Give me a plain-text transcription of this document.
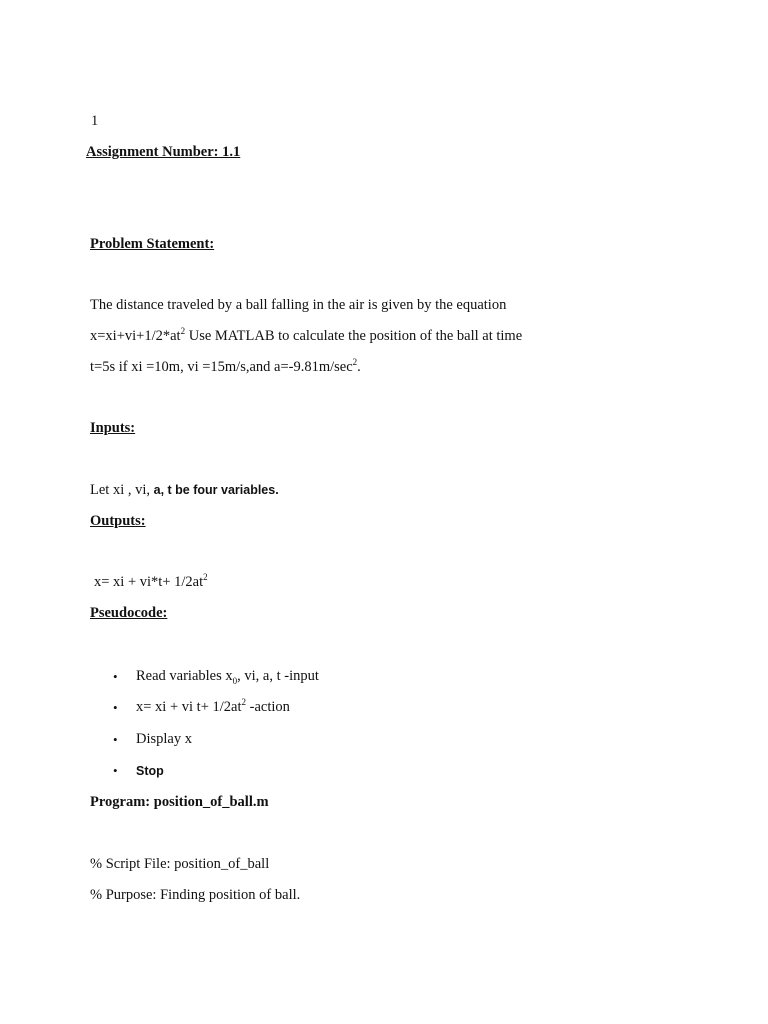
1
Assignment Number: 1.1
Problem Statement:
The distance traveled by a ball falling in the air is given by the equation
$x=xi+vi+1/2*at^2$ Use MATLAB to calculate the position of the ball at time
t=5s if xi =10m, vi =15m/s,and $a=-9.81m/\sec^2$.
Inputs:
Let xi , vi, a, t be four variables.
Outputs:
x= xi + $vi*t+ 1/2at^2$
Pseudocode:
• Read variables $x_0$, vi, a, t -input
• x= xi + vi $t+ 1/2at^2$ -action
• Display x
• Stop
Program: position_of_ball.m
% Script File: position_of_ball
% Purpose: Finding position of ball.
